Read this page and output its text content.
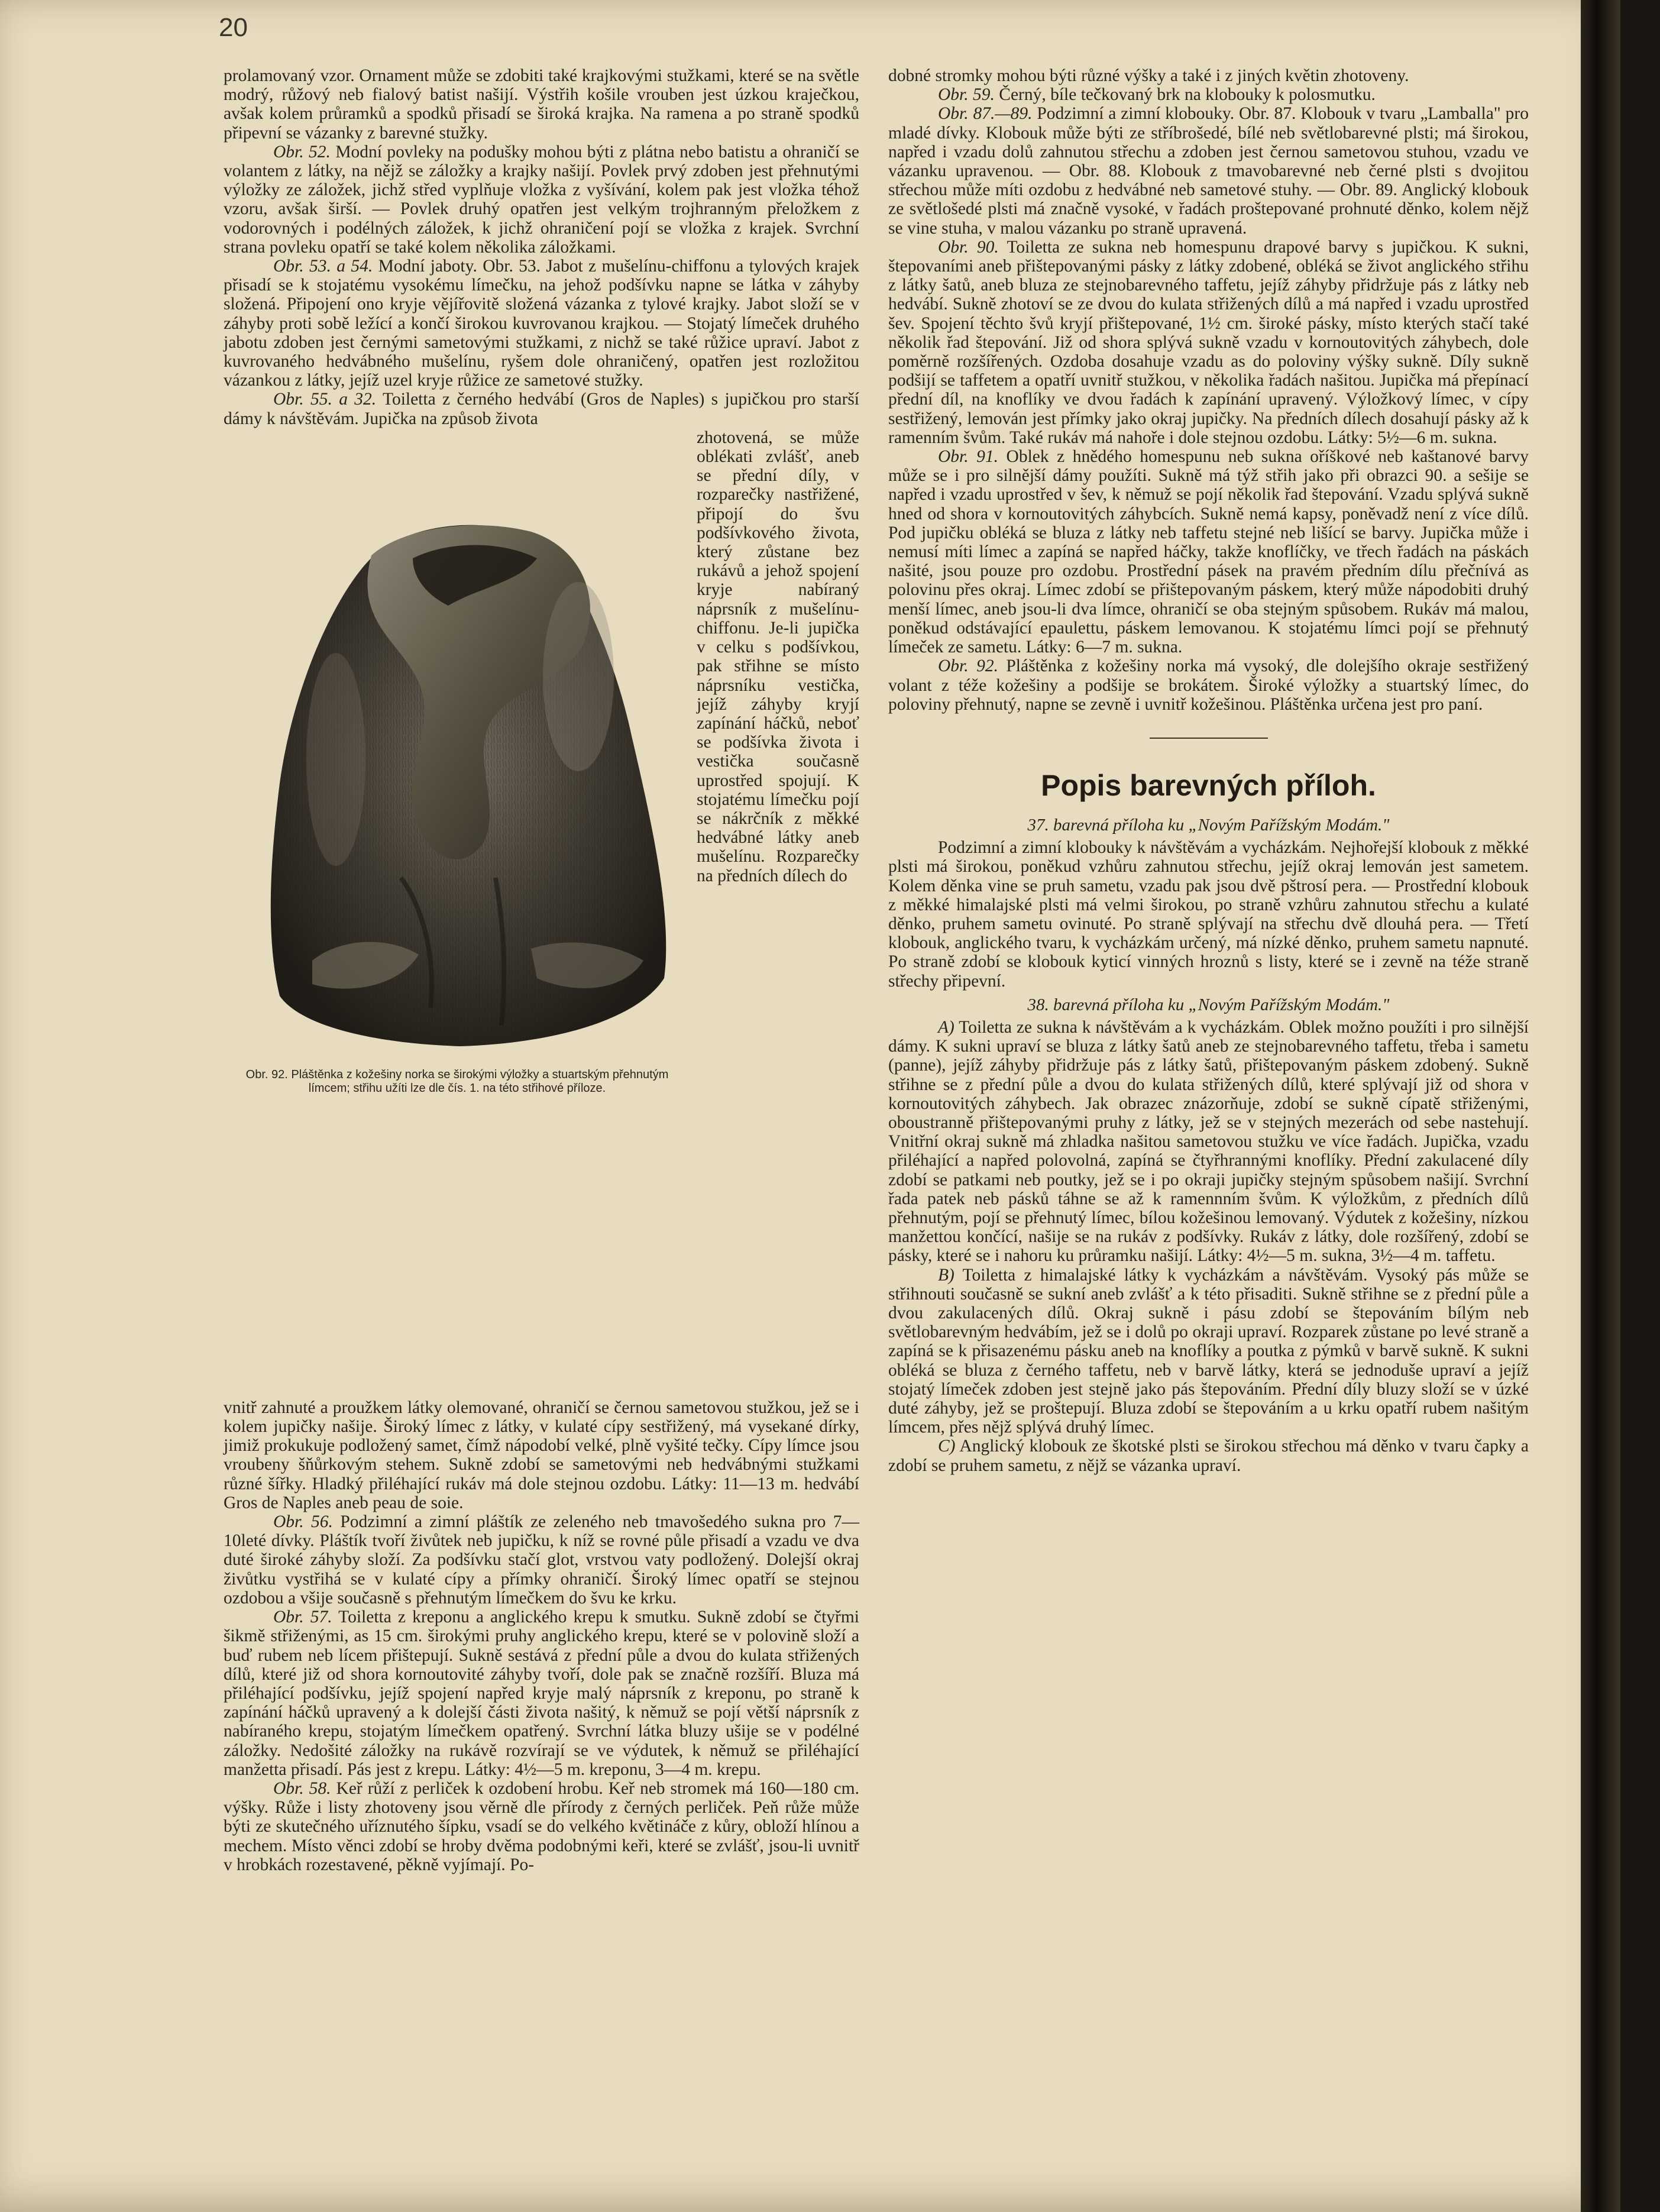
20

prolamovaný vzor. Ornament může se zdobiti také krajkovými stužkami, které se na světle modrý, růžový neb fialový batist našijí. Výstřih košile vrouben jest úzkou kraječkou, avšak kolem průramků a spodků přisadí se široká krajka. Na ramena a po straně spodků připevní se vázanky z barevné stužky.

Obr. 52. Modní povleky na podušky mohou býti z plátna nebo batistu a ohraničí se volantem z látky, na nějž se záložky a krajky našijí. Povlek prvý zdoben jest přehnutými výložky ze záložek, jichž střed vyplňuje vložka z vyšívání, kolem pak jest vložka téhož vzoru, avšak širší. — Povlek druhý opatřen jest velkým trojhranným přeložkem z vodorovných i podélných záložek, k jichž ohraničení pojí se vložka z krajek. Svrchní strana povleku opatří se také kolem několika záložkami.

Obr. 53. a 54. Modní jaboty. Obr. 53. Jabot z mušelínu-chiffonu a tylových krajek přisadí se k stojatému vysokému límečku, na jehož podšívku napne se látka v záhyby složená. Připojení ono kryje vějířovitě složená vázanka z tylové krajky. Jabot složí se v záhyby proti sobě ležící a končí širokou kuvrovanou krajkou. — Stojatý límeček druhého jabotu zdoben jest černými sametovými stužkami, z nichž se také růžice upraví. Jabot z kuvrovaného hedvábného mušelínu, ryšem dole ohraničený, opatřen jest rozložitou vázankou z látky, jejíž uzel kryje růžice ze sametové stužky.

Obr. 55. a 32. Toiletta z černého hedvábí (Gros de Naples) s jupičkou pro starší dámy k návštěvám. Jupička na způsob života

Obr. 92. Pláštěnka z kožešiny norka se širokými výložky a stuartským přehnutým límcem; střihu užíti lze dle čís. 1. na této střihové příloze.
zhotovená, se může oblékati zvlášť, aneb se přední díly, v rozparečky nastřižené, připojí do švu podšívkového života, který zůstane bez rukávů a jehož spojení kryje nabíraný náprsník z mušelínu-chiffonu. Je-li jupička v celku s podšívkou, pak střihne se místo náprsníku vestička, jejíž záhyby kryjí zapínání háčků, neboť se podšívka života i vestička současně uprostřed spojují. K stojatému límečku pojí se nákrčník z měkké hedvábné látky aneb mušelínu. Rozparečky na předních dílech do

vnitř zahnuté a proužkem látky olemované, ohraničí se černou sametovou stužkou, jež se i kolem jupičky našije. Široký límec z látky, v kulaté cípy sestřižený, má vysekané dírky, jimiž prokukuje podložený samet, čímž nápodobí velké, plně vyšité tečky. Cípy límce jsou vroubeny šňůrkovým stehem. Sukně zdobí se sametovými neb hedvábnými stužkami různé šířky. Hladký přiléhající rukáv má dole stejnou ozdobu. Látky: 11—13 m. hedvábí Gros de Naples aneb peau de soie.

Obr. 56. Podzimní a zimní pláštík ze zeleného neb tmavošedého sukna pro 7—10leté dívky. Pláštík tvoří živůtek neb jupičku, k níž se rovné půle přisadí a vzadu ve dva duté široké záhyby složí. Za podšívku stačí glot, vrstvou vaty podložený. Dolejší okraj živůtku vystřihá se v kulaté cípy a přímky ohraničí. Široký límec opatří se stejnou ozdobou a všije současně s přehnutým límečkem do švu ke krku.

Obr. 57. Toiletta z kreponu a anglického krepu k smutku. Sukně zdobí se čtyřmi šikmě střiženými, as 15 cm. širokými pruhy anglického krepu, které se v polovině složí a buď rubem neb lícem přištepují. Sukně sestává z přední půle a dvou do kulata střižených dílů, které již od shora kornoutovité záhyby tvoří, dole pak se značně rozšíří. Bluza má přiléhající podšívku, jejíž spojení napřed kryje malý náprsník z kreponu, po straně k zapínání háčků upravený a k dolejší části života našitý, k němuž se pojí větší náprsník z nabíraného krepu, stojatým límečkem opatřený. Svrchní látka bluzy ušije se v podélné záložky. Nedošité záložky na rukávě rozvírají se ve výdutek, k němuž se přiléhající manžetta přisadí. Pás jest z krepu. Látky: 4½—5 m. kreponu, 3—4 m. krepu.

Obr. 58. Keř růží z perliček k ozdobení hrobu. Keř neb stromek má 160—180 cm. výšky. Růže i listy zhotoveny jsou věrně dle přírody z černých perliček. Peň růže může býti ze skutečného uříznutého šípku, vsadí se do velkého květináče z kůry, obloží hlínou a mechem. Místo věnci zdobí se hroby dvěma podobnými keři, které se zvlášť, jsou-li uvnitř v hrobkách rozestavené, pěkně vyjímají. Po-

dobné stromky mohou býti různé výšky a také i z jiných květin zhotoveny.

Obr. 59. Černý, bíle tečkovaný brk na klobouky k polosmutku.

Obr. 87.—89. Podzimní a zimní klobouky. Obr. 87. Klobouk v tvaru „Lamballa" pro mladé dívky. Klobouk může býti ze stříbrošedé, bílé neb světlobarevné plsti; má širokou, napřed i vzadu dolů zahnutou střechu a zdoben jest černou sametovou stuhou, vzadu ve vázanku upravenou. — Obr. 88. Klobouk z tmavobarevné neb černé plsti s dvojitou střechou může míti ozdobu z hedvábné neb sametové stuhy. — Obr. 89. Anglický klobouk ze světlošedé plsti má značně vysoké, v řadách proštepované prohnuté děnko, kolem nějž se vine stuha, v malou vázanku po straně upravená.

Obr. 90. Toiletta ze sukna neb homespunu drapové barvy s jupičkou. K sukni, štepovaními aneb přištepovanými pásky z látky zdobené, obléká se život anglického střihu z látky šatů, aneb bluza ze stejnobarevného taffetu, jejíž záhyby přidržuje pás z látky neb hedvábí. Sukně zhotoví se ze dvou do kulata střižených dílů a má napřed i vzadu uprostřed šev. Spojení těchto švů kryjí přištepované, 1½ cm. široké pásky, místo kterých stačí také několik řad štepování. Již od shora splývá sukně vzadu v kornoutovitých záhybech, dole poměrně rozšířených. Ozdoba dosahuje vzadu as do poloviny výšky sukně. Díly sukně podšijí se taffetem a opatří uvnitř stužkou, v několika řadách našitou. Jupička má přepínací přední díl, na knoflíky ve dvou řadách k zapínání upravený. Výložkový límec, v cípy sestřižený, lemován jest přímky jako okraj jupičky. Na předních dílech dosahují pásky až k ramenním švům. Také rukáv má nahoře i dole stejnou ozdobu. Látky: 5½—6 m. sukna.

Obr. 91. Oblek z hnědého homespunu neb sukna oříškové neb kaštanové barvy může se i pro silnější dámy použíti. Sukně má týž střih jako při obrazci 90. a sešije se napřed i vzadu uprostřed v šev, k němuž se pojí několik řad štepování. Vzadu splývá sukně hned od shora v kornoutovitých záhybcích. Sukně nemá kapsy, poněvadž není z více dílů. Pod jupičku obléká se bluza z látky neb taffetu stejné neb lišící se barvy. Jupička může i nemusí míti límec a zapíná se napřed háčky, takže knoflíčky, ve třech řadách na páskách našité, jsou pouze pro ozdobu. Prostřední pásek na pravém předním dílu přečnívá as polovinu přes okraj. Límec zdobí se přištepovaným páskem, který může nápodobiti druhý menší límec, aneb jsou-li dva límce, ohraničí se oba stejným spůsobem. Rukáv má malou, poněkud odstávající epaulettu, páskem lemovanou. K stojatému límci pojí se přehnutý límeček ze sametu. Látky: 6—7 m. sukna.

Obr. 92. Pláštěnka z kožešiny norka má vysoký, dle dolejšího okraje sestřižený volant z téže kožešiny a podšije se brokátem. Široké výložky a stuartský límec, do poloviny přehnutý, napne se zevně i uvnitř kožešinou. Pláštěnka určena jest pro paní.

Popis barevných příloh.
37. barevná příloha ku „Novým Pařížským Modám."

Podzimní a zimní klobouky k návštěvám a vycházkám. Nejhořejší klobouk z měkké plsti má širokou, poněkud vzhůru zahnutou střechu, jejíž okraj lemován jest sametem. Kolem děnka vine se pruh sametu, vzadu pak jsou dvě pštrosí pera. — Prostřední klobouk z měkké himalajské plsti má velmi širokou, po straně vzhůru zahnutou střechu a kulaté děnko, pruhem sametu ovinuté. Po straně splývají na střechu dvě dlouhá pera. — Třetí klobouk, anglického tvaru, k vycházkám určený, má nízké děnko, pruhem sametu napnuté. Po straně zdobí se klobouk kyticí vinných hroznů s listy, které se i zevně na téže straně střechy připevní.

38. barevná příloha ku „Novým Pařížským Modám."

A) Toiletta ze sukna k návštěvám a k vycházkám. Oblek možno použíti i pro silnější dámy. K sukni upraví se bluza z látky šatů aneb ze stejnobarevného taffetu, třeba i sametu (panne), jejíž záhyby přidržuje pás z látky šatů, přištepovaným páskem zdobený. Sukně střihne se z přední půle a dvou do kulata střižených dílů, které splývají již od shora v kornoutovitých záhybech. Jak obrazec znázorňuje, zdobí se sukně cípatě střiženými, oboustranně přištepovanými pruhy z látky, jež se v stejných mezerách od sebe nastehují. Vnitřní okraj sukně má zhladka našitou sametovou stužku ve více řadách. Jupička, vzadu přiléhající a napřed polovolná, zapíná se čtyřhrannými knoflíky. Přední zakulacené díly zdobí se patkami neb poutky, jež se i po okraji jupičky stejným spůsobem našijí. Svrchní řada patek neb pásků táhne se až k ramennním švům. K výložkům, z předních dílů přehnutým, pojí se přehnutý límec, bílou kožešinou lemovaný. Výdutek z kožešiny, nízkou manžettou končící, našije se na rukáv z podšívky. Rukáv z látky, dole rozšířený, zdobí se pásky, které se i nahoru ku průramku našijí. Látky: 4½—5 m. sukna, 3½—4 m. taffetu.

B) Toiletta z himalajské látky k vycházkám a návštěvám. Vysoký pás může se střihnouti současně se sukní aneb zvlášť a k této přisaditi. Sukně střihne se z přední půle a dvou zakulacených dílů. Okraj sukně i pásu zdobí se štepováním bílým neb světlobarevným hedvábím, jež se i dolů po okraji upraví. Rozparek zůstane po levé straně a zapíná se k přisazenému pásku aneb na knoflíky a poutka z pýmků v barvě sukně. K sukni obléká se bluza z černého taffetu, neb v barvě látky, která se jednoduše upraví a jejíž stojatý límeček zdoben jest stejně jako pás štepováním. Přední díly bluzy složí se v úzké duté záhyby, jež se proštepují. Bluza zdobí se štepováním a u krku opatří rubem našitým límcem, přes nějž splývá druhý límec.

C) Anglický klobouk ze škotské plsti se širokou střechou má děnko v tvaru čapky a zdobí se pruhem sametu, z nějž se vázanka upraví.
